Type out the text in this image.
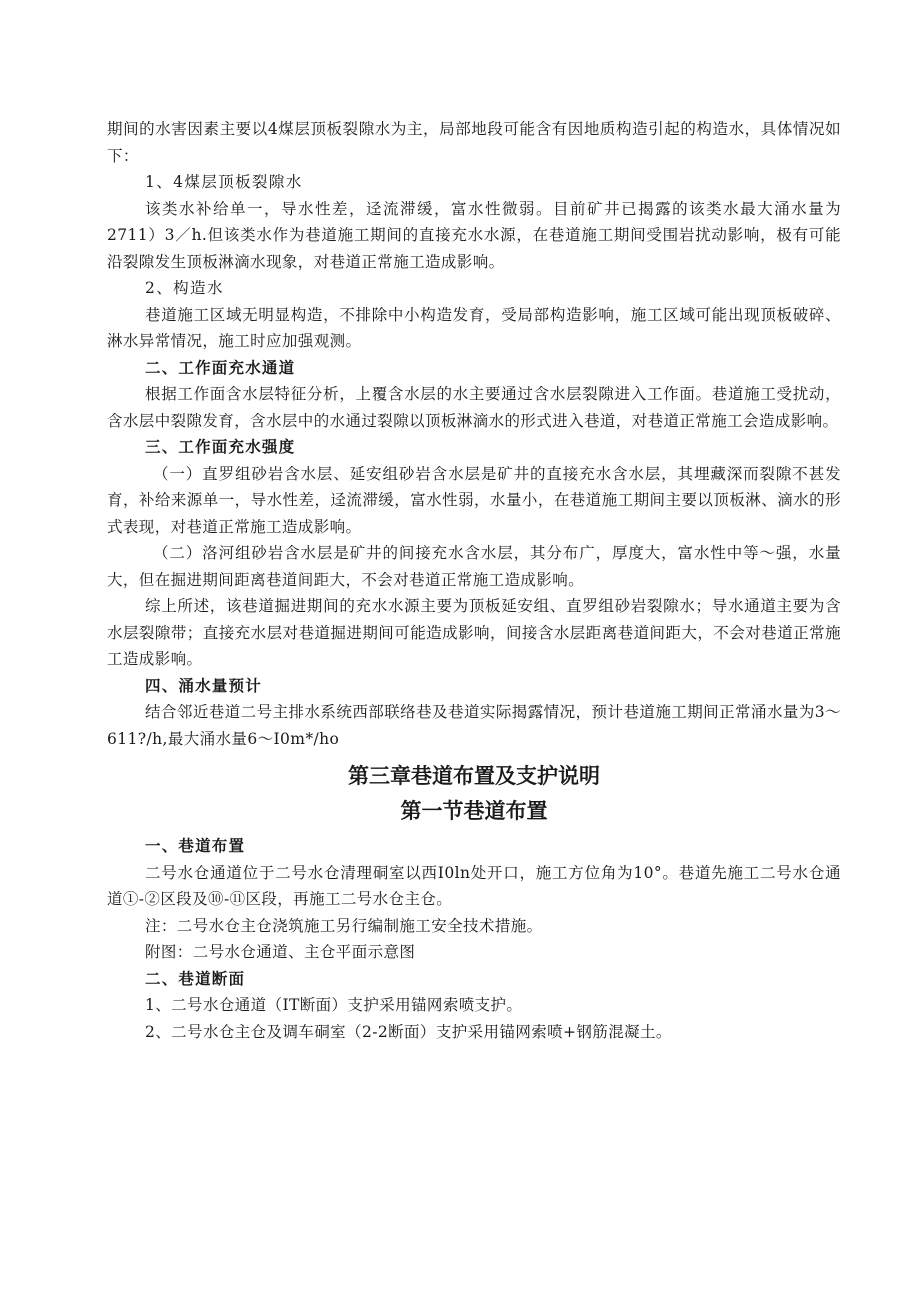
期间的水害因素主要以4煤层顶板裂隙水为主，局部地段可能含有因地质构造引起的构造水，具体情况如下：

1、4煤层顶板裂隙水

该类水补给单一，导水性差，迳流滞缓，富水性微弱。目前矿井已揭露的该类水最大涌水量为2711）3／h.但该类水作为巷道施工期间的直接充水水源，在巷道施工期间受围岩扰动影响，极有可能沿裂隙发生顶板淋滴水现象，对巷道正常施工造成影响。

2、构造水

巷道施工区域无明显构造，不排除中小构造发育，受局部构造影响，施工区域可能出现顶板破碎、淋水异常情况，施工时应加强观测。

二、工作面充水通道

根据工作面含水层特征分析，上覆含水层的水主要通过含水层裂隙进入工作面。巷道施工受扰动，含水层中裂隙发育，含水层中的水通过裂隙以顶板淋滴水的形式进入巷道，对巷道正常施工会造成影响。

三、工作面充水强度

（一）直罗组砂岩含水层、延安组砂岩含水层是矿井的直接充水含水层，其埋藏深而裂隙不甚发育，补给来源单一，导水性差，迳流滞缓，富水性弱，水量小，在巷道施工期间主要以顶板淋、滴水的形式表现，对巷道正常施工造成影响。

（二）洛河组砂岩含水层是矿井的间接充水含水层，其分布广，厚度大，富水性中等～强，水量大，但在掘进期间距离巷道间距大，不会对巷道正常施工造成影响。

综上所述，该巷道掘进期间的充水水源主要为顶板延安组、直罗组砂岩裂隙水；导水通道主要为含水层裂隙带；直接充水层对巷道掘进期间可能造成影响，间接含水层距离巷道间距大，不会对巷道正常施工造成影响。

四、涌水量预计

结合邻近巷道二号主排水系统西部联络巷及巷道实际揭露情况，预计巷道施工期间正常涌水量为3～611?/h,最大涌水量6～I0m*/ho

第三章巷道布置及支护说明

第一节巷道布置

一、巷道布置

二号水仓通道位于二号水仓清理硐室以西I0ln处开口，施工方位角为10°。巷道先施工二号水仓通道①-②区段及⑩-⑪区段，再施工二号水仓主仓。

注：二号水仓主仓浇筑施工另行编制施工安全技术措施。

附图：二号水仓通道、主仓平面示意图

二、巷道断面

1、二号水仓通道（IT断面）支护采用锚网索喷支护。

2、二号水仓主仓及调车硐室（2-2断面）支护采用锚网索喷+钢筋混凝土。
